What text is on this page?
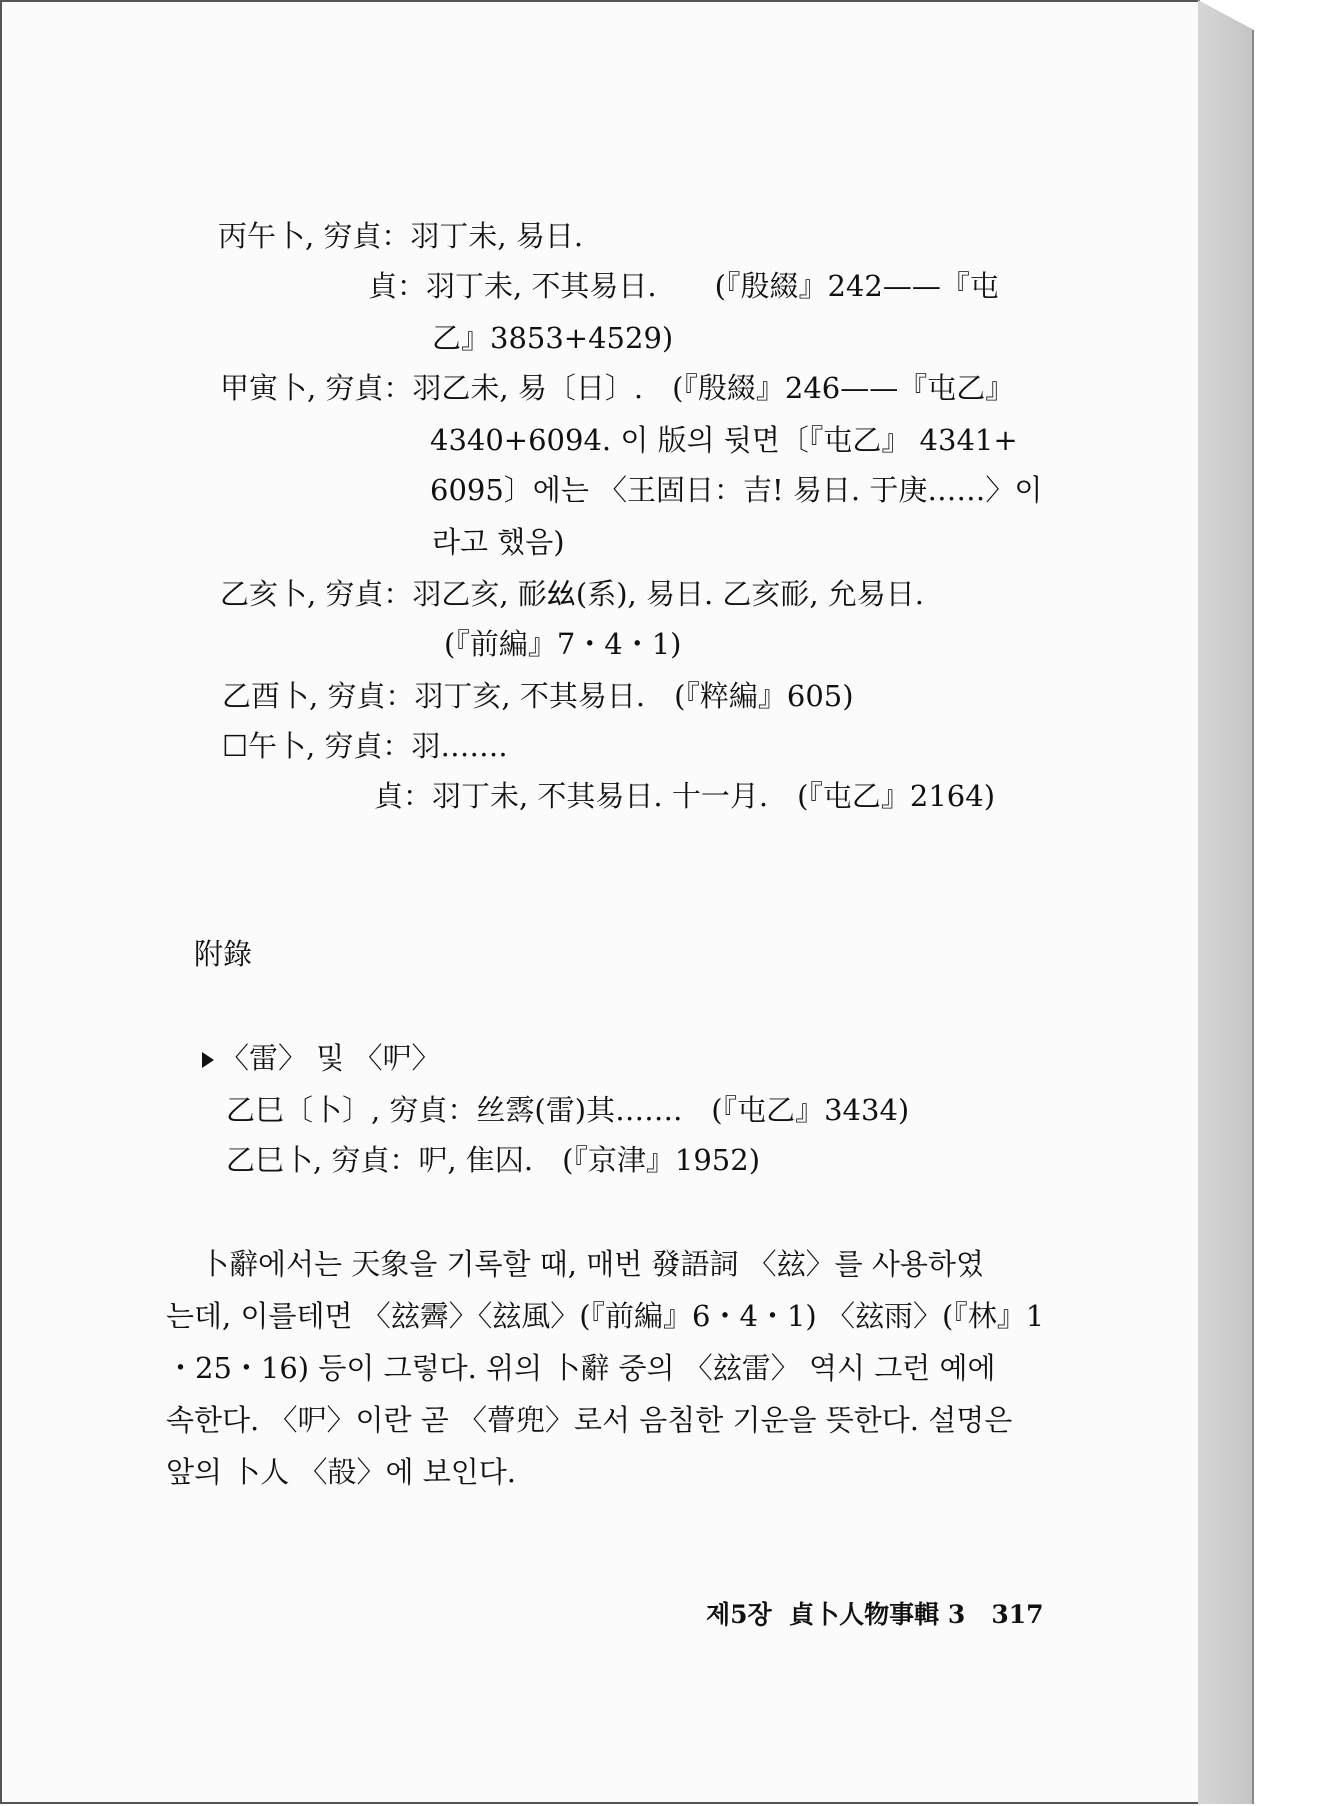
丙午卜, 穷貞：羽丁未, 易日.
貞：羽丁未, 不其易日.　　(『殷綴』242——『屯
乙』3853+4529)
甲寅卜, 穷貞：羽乙未, 易〔日〕.　(『殷綴』246——『屯乙』
4340+6094. 이 版의 뒷면〔『屯乙』 4341+
6095〕에는 〈王固日：吉! 易日. 于庚……〉이
라고 했음)
乙亥卜, 穷貞：羽乙亥, 耏𢆶(系), 易日. 乙亥耏, 允易日.
(『前編』7・4・1)
乙酉卜, 穷貞：羽丁亥, 不其易日.　(『粹編』605)
☐午卜, 穷貞：羽…….
貞：羽丁未, 不其易日. 十一月.　(『屯乙』2164)
附錄
〈雷〉 및 〈㕧〉
乙巳〔卜〕, 穷貞：丝𩃬(雷)其…….　(『屯乙』3434)
乙巳卜, 穷貞：㕧, 隹囚.　(『京津』1952)
卜辭에서는 天象을 기록할 때, 매번 發語詞 〈玆〉를 사용하였
는데, 이를테면 〈玆霽〉〈玆風〉(『前編』6・4・1) 〈玆雨〉(『林』1
・25・16) 등이 그렇다. 위의 卜辭 중의 〈玆雷〉 역시 그런 예에
속한다. 〈㕧〉이란 곧 〈瞢兜〉로서 음침한 기운을 뜻한다. 설명은
앞의 卜人 〈㱿〉에 보인다.
제5장 貞卜人物事輯 3 317
